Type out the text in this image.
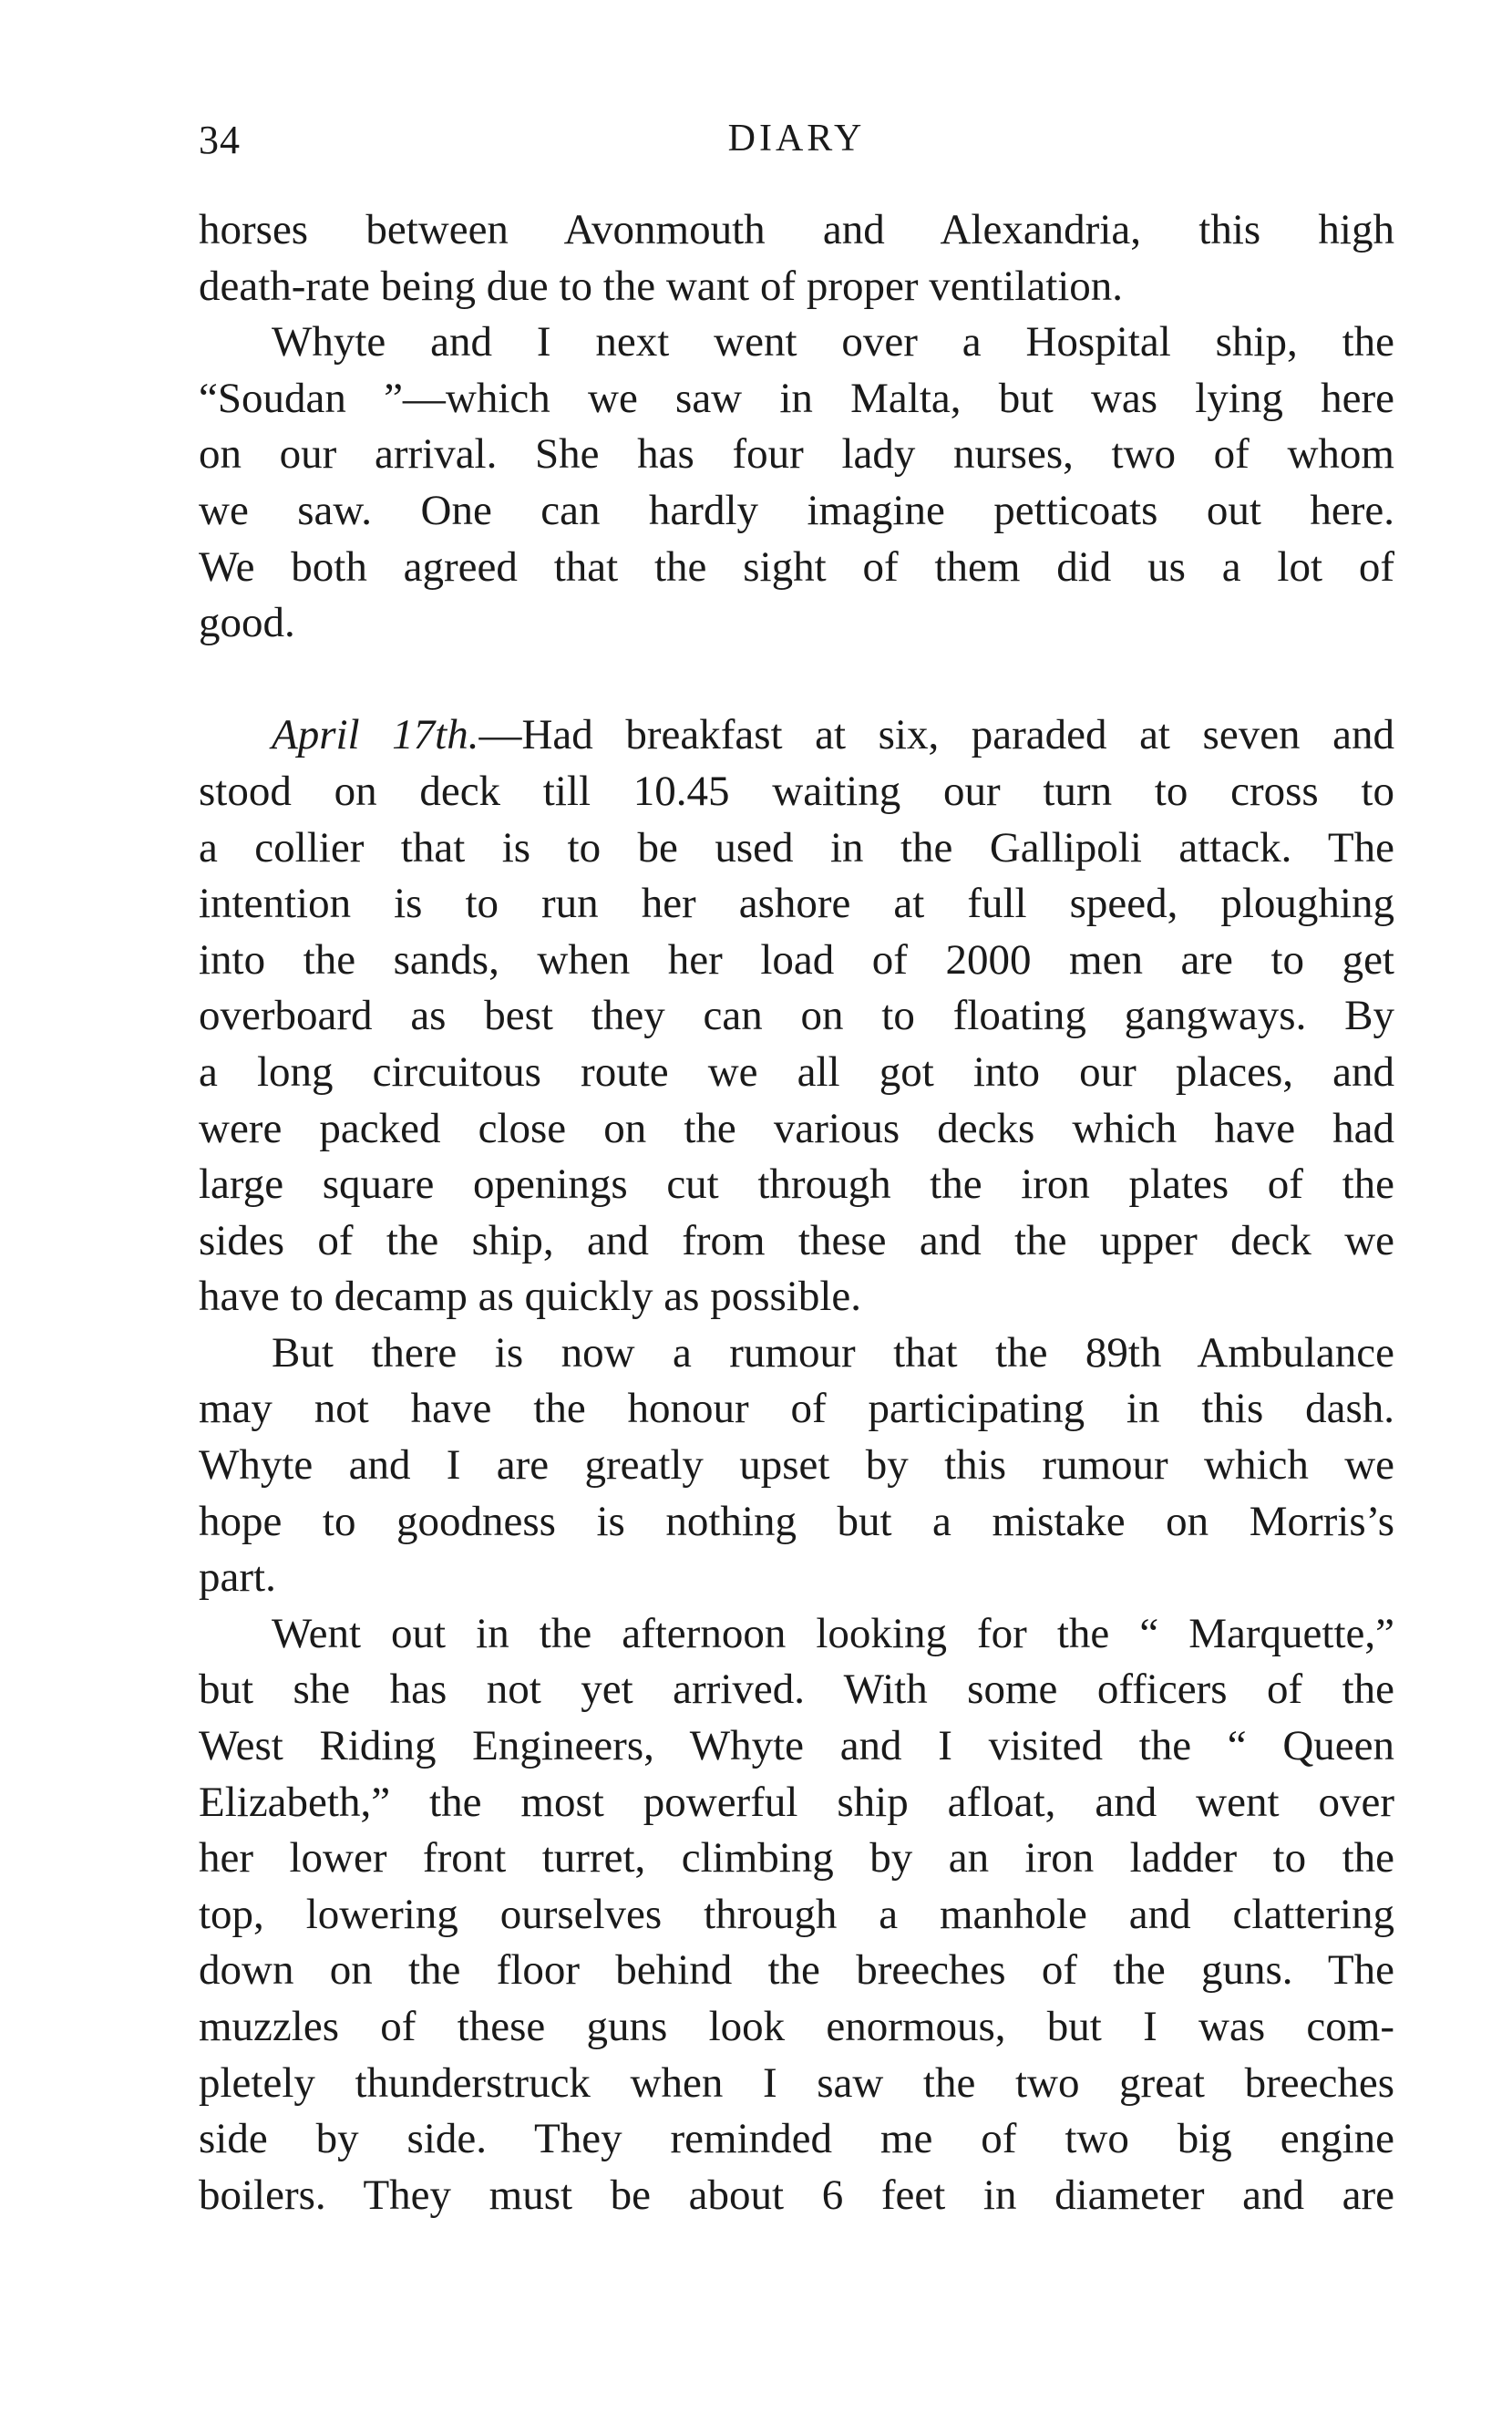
34	DIARY
horses between Avonmouth and Alexandria, this high
death-rate being due to the want of proper ventilation.
Whyte and I next went over a Hospital ship, the
“Soudan ”—which we saw in Malta, but was lying here
on our arrival. She has four lady nurses, two of whom
we saw. One can hardly imagine petticoats out here.
We both agreed that the sight of them did us a lot of
good.
April 17th.—Had breakfast at six, paraded at seven and
stood on deck till 10.45 waiting our turn to cross to
a collier that is to be used in the Gallipoli attack. The
intention is to run her ashore at full speed, ploughing
into the sands, when her load of 2000 men are to get
overboard as best they can on to floating gangways. By
a long circuitous route we all got into our places, and
were packed close on the various decks which have had
large square openings cut through the iron plates of the
sides of the ship, and from these and the upper deck we
have to decamp as quickly as possible.
But there is now a rumour that the 89th Ambulance
may not have the honour of participating in this dash.
Whyte and I are greatly upset by this rumour which we
hope to goodness is nothing but a mistake on Morris’s
part.
Went out in the afternoon looking for the “ Marquette,”
but she has not yet arrived. With some officers of the
West Riding Engineers, Whyte and I visited the “ Queen
Elizabeth,” the most powerful ship afloat, and went over
her lower front turret, climbing by an iron ladder to the
top, lowering ourselves through a manhole and clattering
down on the floor behind the breeches of the guns. The
muzzles of these guns look enormous, but I was com-
pletely thunderstruck when I saw the two great breeches
side by side. They reminded me of two big engine
boilers. They must be about 6 feet in diameter and are
